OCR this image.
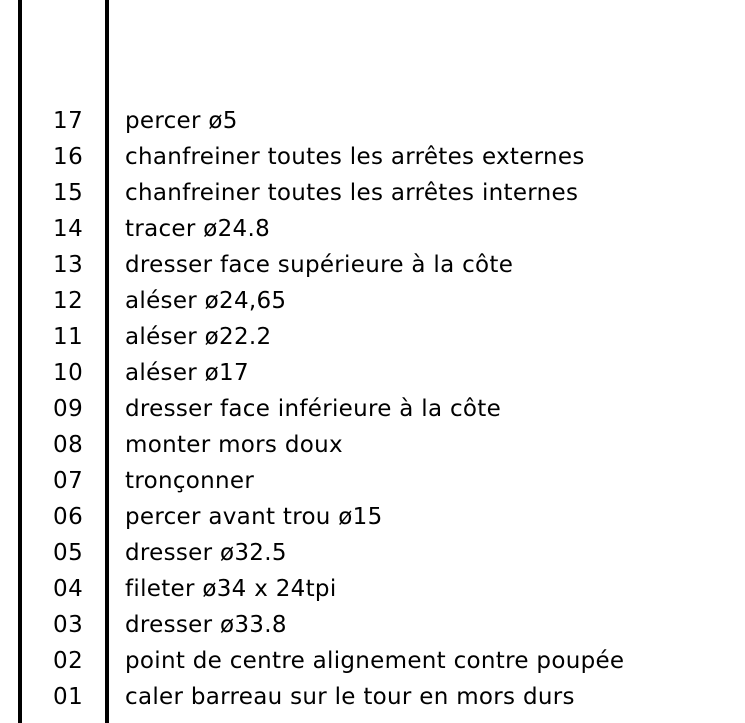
17 percer ø5
16 chanfreiner toutes les arrêtes externes
15 chanfreiner toutes les arrêtes internes
14 tracer ø24.8
13 dresser face supérieure à la côte
12 aléser ø24,65
11 aléser ø22.2
10 aléser ø17
09 dresser face inférieure à la côte
08 monter mors doux
07 tronçonner
06 percer avant trou ø15
05 dresser ø32.5
04 fileter ø34 x 24tpi
03 dresser ø33.8
02 point de centre alignement contre poupée
01 caler barreau sur le tour en mors durs
